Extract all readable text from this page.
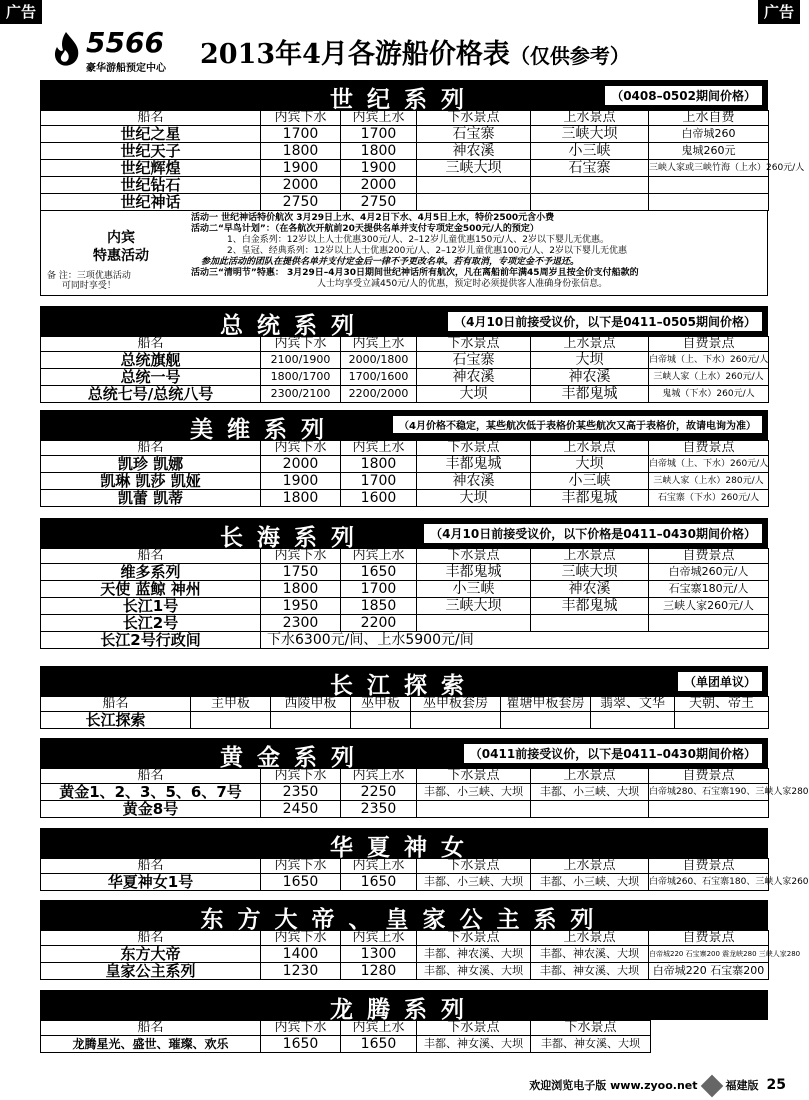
广告	广告
5566
豪华游船预定中心 2013年4月各游船价格表（仅供参考）
世纪系列	（0408–0502期间价格）
船名	内宾下水	内宾上水	下水景点	上水景点	上水自费
世纪之星	1700	1700	石宝寨	三峡大坝	白帝城260
世纪天子	1800	1800	神农溪	小三峡	鬼城260元
世纪辉煌	1900	1900	三峡大坝	石宝寨	三峡人家或三峡竹海（上水）260元/人
世纪钻石	2000	2000			
世纪神话	2750	2750			
内宾
特惠活动
备 注：三项优惠活动
可同时享受！
活动一 世纪神话特价航次 3月29日上水、4月2日下水、4月5日上水，特价2500元含小费
活动二“早鸟计划”：（在各航次开航前20天提供名单并支付专项定金500元/人的预定）
1、白金系列：12岁以上人士优惠300元/人、2–12岁儿童优惠150元/人、2岁以下婴儿无优惠。
2、皇冠、经典系列：12岁以上人士优惠200元/人、2–12岁儿童优惠100元/人、2岁以下婴儿无优惠
参加此活动的团队在提供名单并支付定金后一律不予更改名单。若有取消，专项定金不予退还。
活动三“清明节”特惠： 3月29日–4月30日期间世纪神话所有航次，凡在离船前年满45周岁且按全价支付船款的
人士均享受立减450元/人的优惠，预定时必须提供客人准确身份张信息。
总统系列	（4月10日前接受议价，以下是0411–0505期间价格）
船名	内宾下水	内宾上水	下水景点	上水景点	自费景点
总统旗舰	2100/1900	2000/1800	石宝寨	大坝	白帝城（上、下水）260元/人
总统一号	1800/1700	1700/1600	神农溪	神农溪	三峡人家（上水）260元/人
总统七号/总统八号	2300/2100	2200/2000	大坝	丰都鬼城	鬼城（下水）260元/人
美维系列	（4月价格不稳定，某些航次低于表格价某些航次又高于表格价，故请电询为准）
船名	内宾下水	内宾上水	下水景点	上水景点	自费景点
凯珍 凯娜	2000	1800	丰都鬼城	大坝	白帝城（上、下水）260元/人
凯琳 凯莎 凯娅	1900	1700	神农溪	小三峡	三峡人家（上水）280元/人
凯蕾 凯蒂	1800	1600	大坝	丰都鬼城	石宝寨（下水）260元/人
长海系列	（4月10日前接受议价，以下价格是0411–0430期间价格）
船名	内宾下水	内宾上水	下水景点	上水景点	自费景点
维多系列	1750	1650	丰都鬼城	三峡大坝	白帝城260元/人
天使 蓝鲸 神州	1800	1700	小三峡	神农溪	石宝寨180元/人
长江1号	1950	1850	三峡大坝	丰都鬼城	三峡人家260元/人
长江2号	2300	2200			
长江2号行政间	下水6300元/间、上水5900元/间				
长江探索	（单团单议）
船名	主甲板	西陵甲板	巫甲板	巫甲板套房	瞿塘甲板套房	翡翠、文华	天朝、帝王
长江探索							
黄金系列	（0411前接受议价，以下是0411–0430期间价格）
船名	内宾下水	内宾上水	下水景点	上水景点	自费景点
黄金1、2、3、5、6、7号	2350	2250	丰都、小三峡、大坝	丰都、小三峡、大坝	白帝城280、石宝寨190、三峡人家280
黄金8号	2450	2350			
华夏神女
船名	内宾下水	内宾上水	下水景点	上水景点	自费景点
华夏神女1号	1650	1650	丰都、小三峡、大坝	丰都、小三峡、大坝	白帝城260、石宝寨180、三峡人家260
东方大帝、皇家公主系列
船名	内宾下水	内宾上水	下水景点	上水景点	自费景点
东方大帝	1400	1300	丰都、神农溪、大坝	丰都、神农溪、大坝	白帝城220 石宝寨200 震龙峡280 三峡人家280
皇家公主系列	1230	1280	丰都、神女溪、大坝	丰都、神女溪、大坝	白帝城220 石宝寨200
龙腾系列
船名	内宾下水	内宾上水	下水景点	下水景点
龙腾星光、盛世、璀璨、欢乐	1650	1650	丰都、神女溪、大坝	丰都、神女溪、大坝
欢迎浏览电子版 www.zyoo.net	福建版 25
